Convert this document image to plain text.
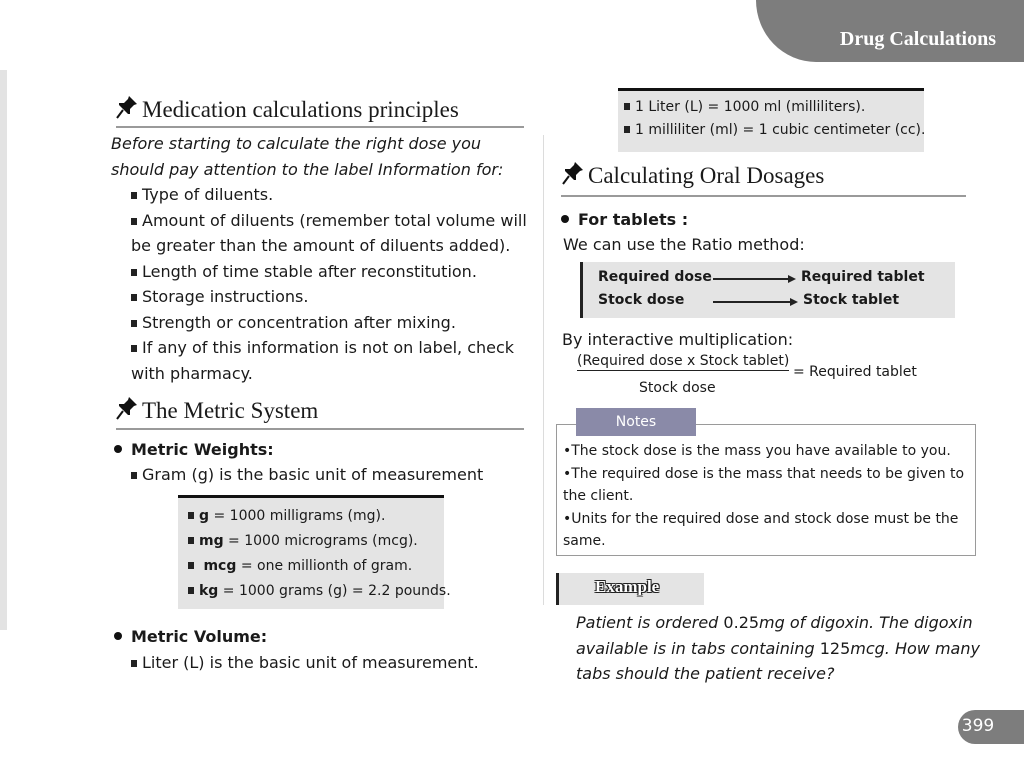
Drug Calculations
Medication calculations principles
Before starting to calculate the right dose you
should pay attention to the label Information for:
Type of diluents.
Amount of diluents (remember total volume will
be greater than the amount of diluents added).
Length of time stable after reconstitution.
Storage instructions.
Strength or concentration after mixing.
If any of this information is not on label, check
with pharmacy.
The Metric System
Metric Weights:
Gram (g) is the basic unit of measurement
g = 1000 milligrams (mg).
mg = 1000 micrograms (mcg).
mcg = one millionth of gram.
kg = 1000 grams (g) = 2.2 pounds.
Metric Volume:
Liter (L) is the basic unit of measurement.
1 Liter (L) = 1000 ml (milliliters).
1 milliliter (ml) = 1 cubic centimeter (cc).
Calculating Oral Dosages
For tablets :
We can use the Ratio method:
Required dose	Required tablet
Stock dose	Stock tablet
By interactive multiplication:
(Required dose x Stock tablet)
Stock dose
= Required tablet
•The stock dose is the mass you have available to you.
•The required dose is the mass that needs to be given to
the client.
•Units for the required dose and stock dose must be the
same.
Notes
Example
Patient is ordered 0.25mg of digoxin. The digoxin
available is in tabs containing 125mcg. How many
tabs should the patient receive?
399
